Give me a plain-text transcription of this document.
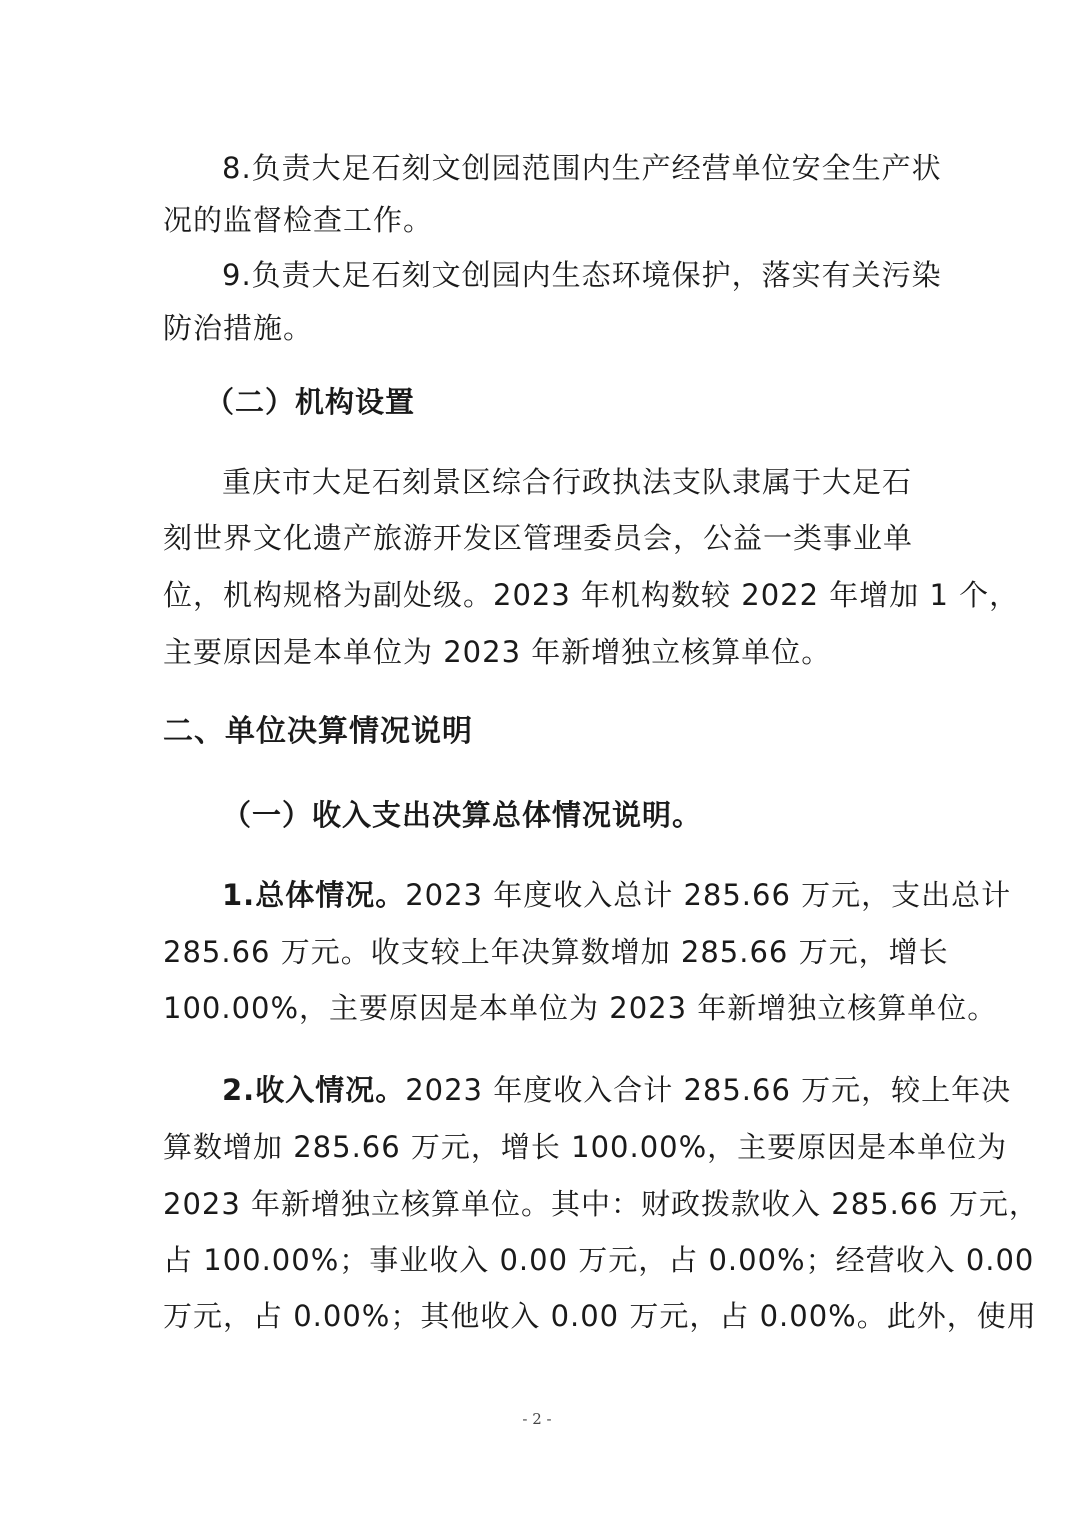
8.负责大足石刻文创园范围内生产经营单位安全生产状
况的监督检查工作。
9.负责大足石刻文创园内生态环境保护，落实有关污染
防治措施。
（二）机构设置
重庆市大足石刻景区综合行政执法支队隶属于大足石
刻世界文化遗产旅游开发区管理委员会，公益一类事业单
位，机构规格为副处级。2023 年机构数较 2022 年增加 1 个，
主要原因是本单位为 2023 年新增独立核算单位。
二、单位决算情况说明
（一）收入支出决算总体情况说明。
1.总体情况。2023 年度收入总计 285.66 万元，支出总计
285.66 万元。收支较上年决算数增加 285.66 万元，增长
100.00%，主要原因是本单位为 2023 年新增独立核算单位。
2.收入情况。2023 年度收入合计 285.66 万元，较上年决
算数增加 285.66 万元，增长 100.00%，主要原因是本单位为
2023 年新增独立核算单位。其中：财政拨款收入 285.66 万元，
占 100.00%；事业收入 0.00 万元，占 0.00%；经营收入 0.00
万元，占 0.00%；其他收入 0.00 万元，占 0.00%。此外，使用
- 2 -
